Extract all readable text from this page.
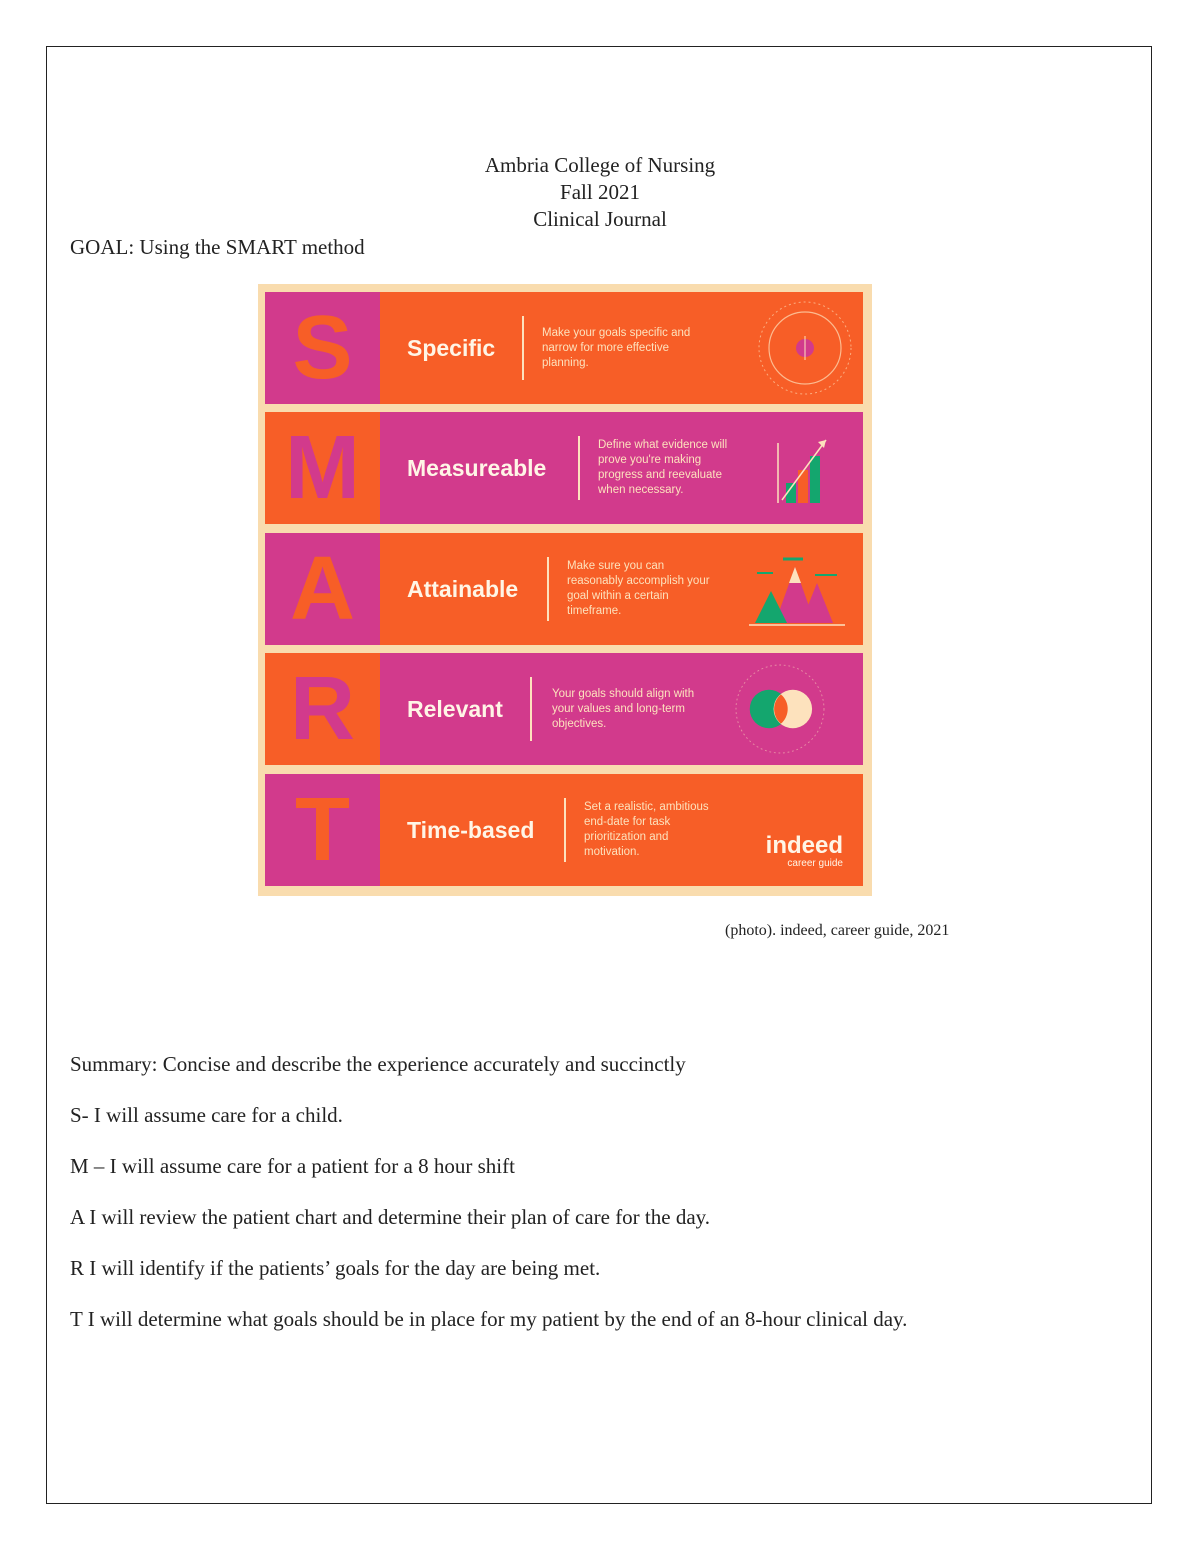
Ambria College of Nursing
Fall 2021
Clinical Journal
GOAL: Using the SMART method
S Specific
Make your goals specific and narrow for more effective planning.
M Measureable
Define what evidence will prove you're making progress and reevaluate when necessary.
A Attainable
Make sure you can reasonably accomplish your goal within a certain timeframe.
R Relevant
Your goals should align with your values and long-term objectives.
T Time-based
Set a realistic, ambitious end-date for task prioritization and motivation.	indeed
career guide
(photo). indeed, career guide, 2021

Summary: Concise and describe the experience accurately and succinctly

S- I will assume care for a child.

M – I will assume care for a patient for a 8 hour shift

A I will review the patient chart and determine their plan of care for the day.

R I will identify if the patients’ goals for the day are being met.

T I will determine what goals should be in place for my patient by the end of an 8-hour clinical day.
